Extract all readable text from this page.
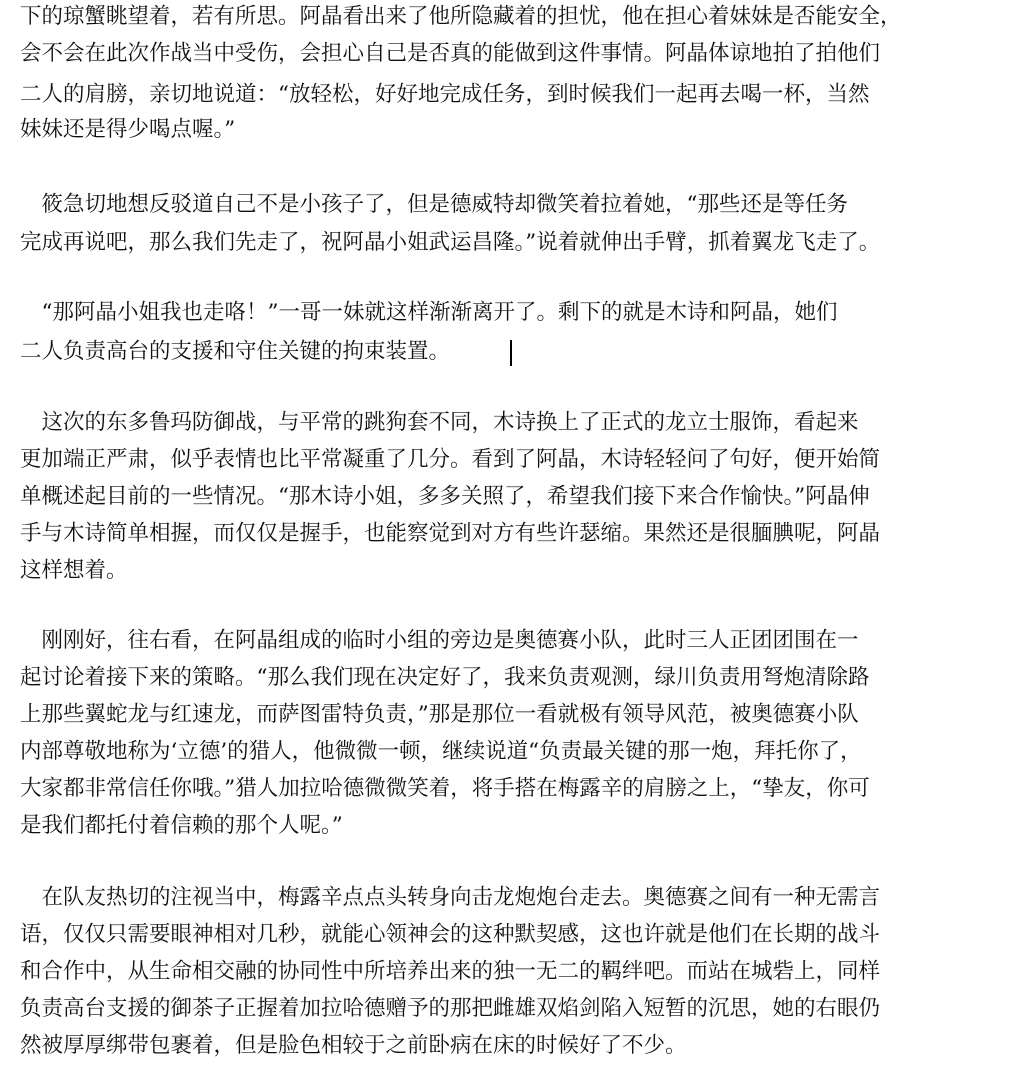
下的琼蟹眺望着，若有所思。阿晶看出来了他所隐藏着的担忧，他在担心着妹妹是否能安全，
会不会在此次作战当中受伤，会担心自己是否真的能做到这件事情。阿晶体谅地拍了拍他们
二人的肩膀，亲切地说道：“放轻松，好好地完成任务，到时候我们一起再去喝一杯，当然
妹妹还是得少喝点喔。”
　筱急切地想反驳道自己不是小孩子了，但是德威特却微笑着拉着她，“那些还是等任务
完成再说吧，那么我们先走了，祝阿晶小姐武运昌隆。”说着就伸出手臂，抓着翼龙飞走了。
　“那阿晶小姐我也走咯！”一哥一妹就这样渐渐离开了。剩下的就是木诗和阿晶，她们
二人负责高台的支援和守住关键的拘束装置。
　这次的东多鲁玛防御战，与平常的跳狗套不同，木诗换上了正式的龙立士服饰，看起来
更加端正严肃，似乎表情也比平常凝重了几分。看到了阿晶，木诗轻轻问了句好，便开始简
单概述起目前的一些情况。“那木诗小姐，多多关照了，希望我们接下来合作愉快。”阿晶伸
手与木诗简单相握，而仅仅是握手，也能察觉到对方有些许瑟缩。果然还是很腼腆呢，阿晶
这样想着。
　刚刚好，往右看，在阿晶组成的临时小组的旁边是奥德赛小队，此时三人正团团围在一
起讨论着接下来的策略。“那么我们现在决定好了，我来负责观测，绿川负责用弩炮清除路
上那些翼蛇龙与红速龙，而萨图雷特负责，”那是那位一看就极有领导风范，被奥德赛小队
内部尊敬地称为‘立德’的猎人，他微微一顿，继续说道“负责最关键的那一炮，拜托你了，
大家都非常信任你哦。”猎人加拉哈德微微笑着，将手搭在梅露辛的肩膀之上，“挚友，你可
是我们都托付着信赖的那个人呢。”
　在队友热切的注视当中，梅露辛点点头转身向击龙炮炮台走去。奥德赛之间有一种无需言
语，仅仅只需要眼神相对几秒，就能心领神会的这种默契感，这也许就是他们在长期的战斗
和合作中，从生命相交融的协同性中所培养出来的独一无二的羁绊吧。而站在城砦上，同样
负责高台支援的御茶子正握着加拉哈德赠予的那把雌雄双焰剑陷入短暂的沉思，她的右眼仍
然被厚厚绑带包裹着，但是脸色相较于之前卧病在床的时候好了不少。
